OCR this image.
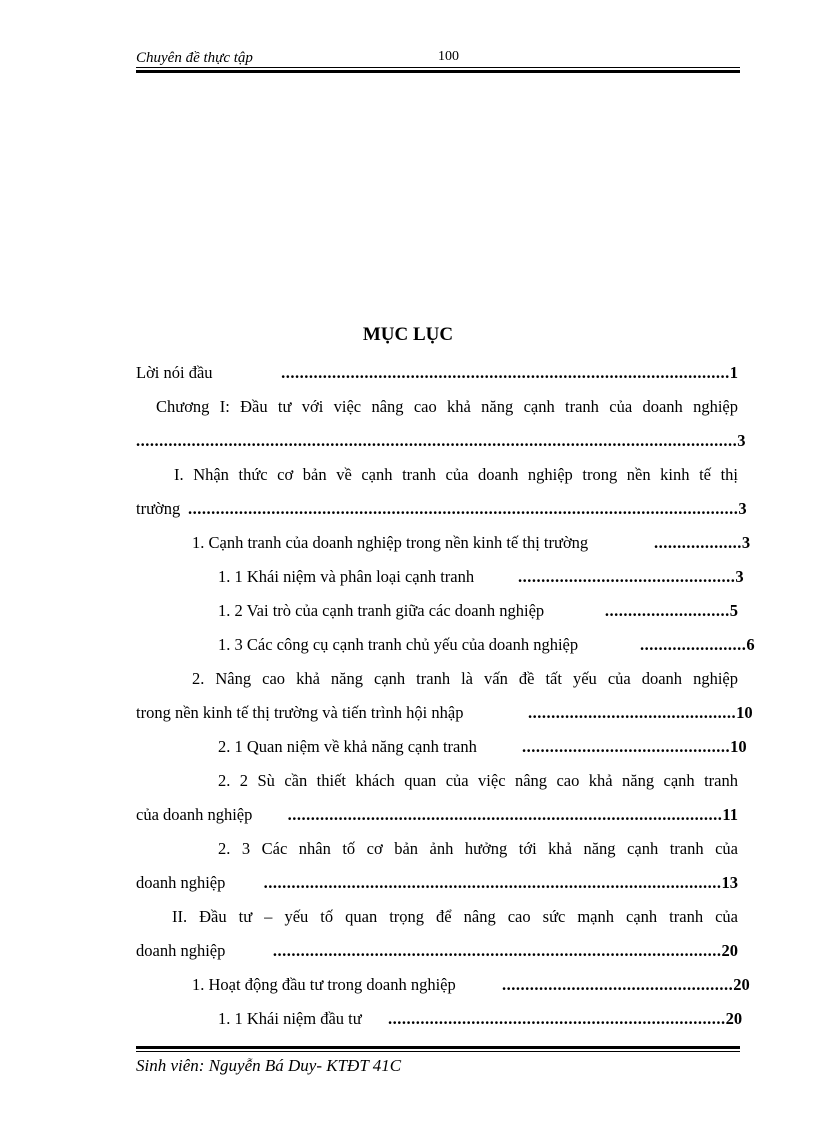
Chuyên đề thực tập	100
MỤC LỤC
Lời nói đầu	.................................................................................................1
Chương I: Đầu tư với việc nâng cao khả năng cạnh tranh của doanh nghiệp
..................................................................................................................................3
I. Nhận thức cơ bản về cạnh tranh của doanh nghiệp trong nền kinh tế thị
trường .......................................................................................................................3
1. Cạnh tranh của doanh nghiệp trong nền kinh tế thị trường	...................3
1. 1 Khái niệm và phân loại cạnh tranh	...............................................3
1. 2 Vai trò của cạnh tranh giữa các doanh nghiệp	...........................5
1. 3 Các công cụ cạnh tranh chủ yếu của doanh nghiệp	.......................6
2. Nâng cao khả năng cạnh tranh là vấn đề tất yếu của doanh nghiệp
trong nền kinh tế thị trường và tiến trình hội nhập	.............................................10
2. 1 Quan niệm về khả năng cạnh tranh	.............................................10
2. 2 Sù cần thiết khách quan của việc nâng cao khả năng cạnh tranh
của doanh nghiệp	..............................................................................................11
2. 3 Các nhân tố cơ bản ảnh hưởng tới khả năng cạnh tranh của
doanh nghiệp	...................................................................................................13
II. Đầu tư – yếu tố quan trọng để nâng cao sức mạnh cạnh tranh của
doanh nghiệp	.................................................................................................20
1. Hoạt động đầu tư trong doanh nghiệp	..................................................20
1. 1 Khái niệm đầu tư .........................................................................20
Sinh viên: Nguyễn Bá Duy- KTĐT 41C
